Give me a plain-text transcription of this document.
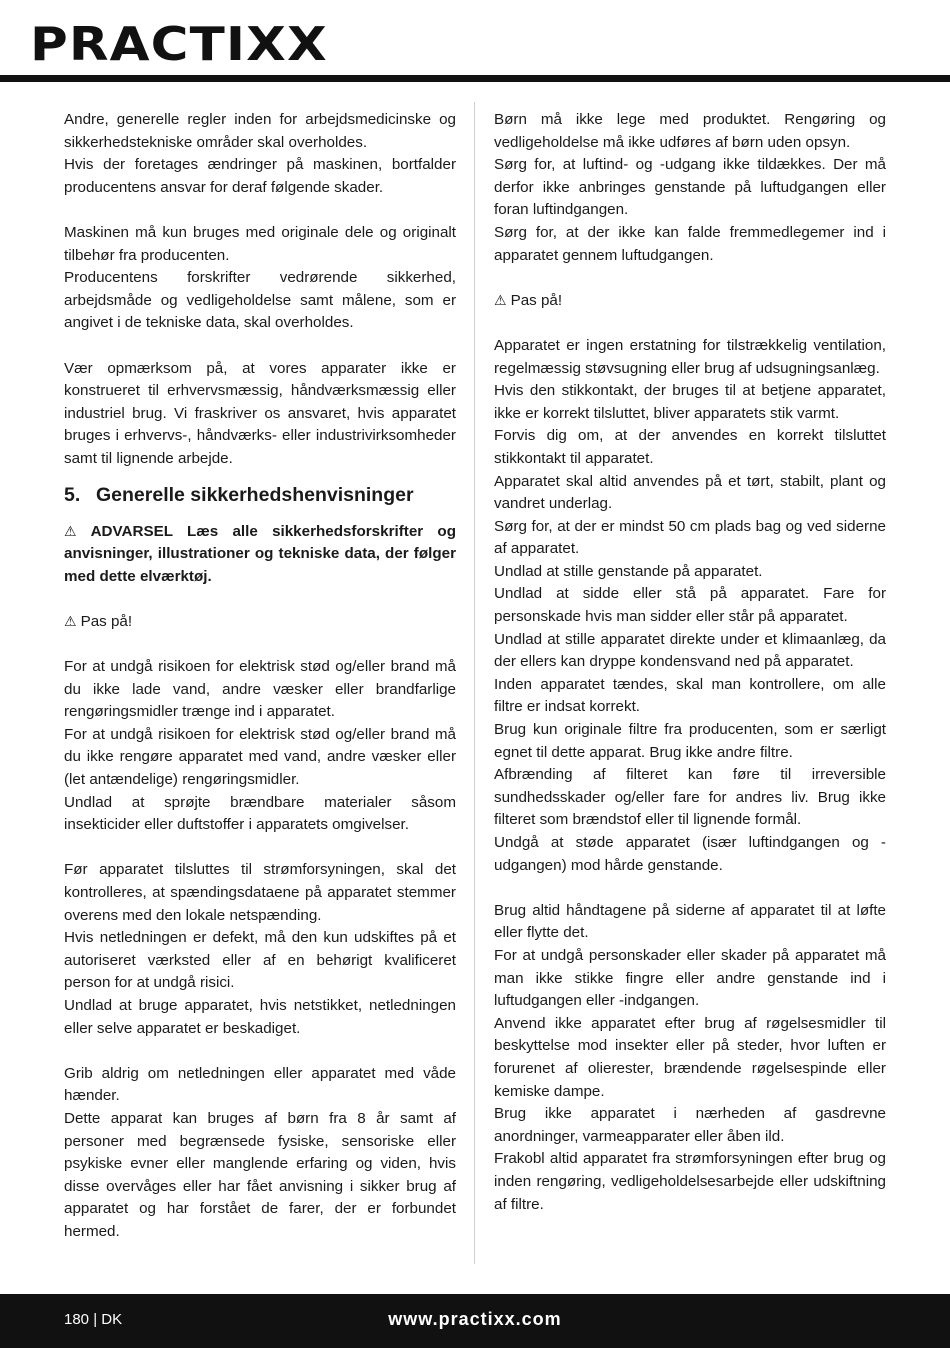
PRACTIXX

Andre, generelle regler inden for arbejdsmedicinske og sikkerhedstekniske områder skal overholdes.

Hvis der foretages ændringer på maskinen, bortfalder producentens ansvar for deraf følgende skader.

Maskinen må kun bruges med originale dele og originalt tilbehør fra producenten.

Producentens forskrifter vedrørende sikkerhed, arbejdsmåde og vedligeholdelse samt målene, som er angivet i de tekniske data, skal overholdes.

Vær opmærksom på, at vores apparater ikke er konstrueret til erhvervsmæssig, håndværksmæssig eller industriel brug. Vi fraskriver os ansvaret, hvis apparatet bruges i erhvervs-, håndværks- eller industrivirksomheder samt til lignende arbejde.

5. Generelle sikkerhedshenvisninger

⚠ ADVARSEL Læs alle sikkerhedsforskrifter og anvisninger, illustrationer og tekniske data, der følger med dette elværktøj.

⚠ Pas på!

For at undgå risikoen for elektrisk stød og/eller brand må du ikke lade vand, andre væsker eller brandfarlige rengøringsmidler trænge ind i apparatet.

For at undgå risikoen for elektrisk stød og/eller brand må du ikke rengøre apparatet med vand, andre væsker eller (let antændelige) rengøringsmidler.

Undlad at sprøjte brændbare materialer såsom insekticider eller duftstoffer i apparatets omgivelser.

Før apparatet tilsluttes til strømforsyningen, skal det kontrolleres, at spændingsdataene på apparatet stemmer overens med den lokale netspænding.

Hvis netledningen er defekt, må den kun udskiftes på et autoriseret værksted eller af en behørigt kvalificeret person for at undgå risici.

Undlad at bruge apparatet, hvis netstikket, netledningen eller selve apparatet er beskadiget.

Grib aldrig om netledningen eller apparatet med våde hænder.

Dette apparat kan bruges af børn fra 8 år samt af personer med begrænsede fysiske, sensoriske eller psykiske evner eller manglende erfaring og viden, hvis disse overvåges eller har fået anvisning i sikker brug af apparatet og har forstået de farer, der er forbundet hermed.

Børn må ikke lege med produktet. Rengøring og vedligeholdelse må ikke udføres af børn uden opsyn.

Sørg for, at luftind- og -udgang ikke tildækkes. Der må derfor ikke anbringes genstande på luftudgangen eller foran luftindgangen.

Sørg for, at der ikke kan falde fremmedlegemer ind i apparatet gennem luftudgangen.

⚠ Pas på!

Apparatet er ingen erstatning for tilstrækkelig ventilation, regelmæssig støvsugning eller brug af udsugningsanlæg.

Hvis den stikkontakt, der bruges til at betjene apparatet, ikke er korrekt tilsluttet, bliver apparatets stik varmt.

Forvis dig om, at der anvendes en korrekt tilsluttet stikkontakt til apparatet.

Apparatet skal altid anvendes på et tørt, stabilt, plant og vandret underlag.

Sørg for, at der er mindst 50 cm plads bag og ved siderne af apparatet.

Undlad at stille genstande på apparatet.

Undlad at sidde eller stå på apparatet. Fare for personskade hvis man sidder eller står på apparatet.

Undlad at stille apparatet direkte under et klimaanlæg, da der ellers kan dryppe kondensvand ned på apparatet.

Inden apparatet tændes, skal man kontrollere, om alle filtre er indsat korrekt.

Brug kun originale filtre fra producenten, som er særligt egnet til dette apparat. Brug ikke andre filtre.

Afbrænding af filteret kan føre til irreversible sundhedsskader og/eller fare for andres liv. Brug ikke filteret som brændstof eller til lignende formål.

Undgå at støde apparatet (især luftindgangen og -udgangen) mod hårde genstande.

Brug altid håndtagene på siderne af apparatet til at løfte eller flytte det.

For at undgå personskader eller skader på apparatet må man ikke stikke fingre eller andre genstande ind i luftudgangen eller -indgangen.

Anvend ikke apparatet efter brug af røgelsesmidler til beskyttelse mod insekter eller på steder, hvor luften er forurenet af olierester, brændende røgelsespinde eller kemiske dampe.

Brug ikke apparatet i nærheden af gasdrevne anordninger, varmeapparater eller åben ild.

Frakobl altid apparatet fra strømforsyningen efter brug og inden rengøring, vedligeholdelsesarbejde eller udskiftning af filtre.

180 | DK	www.practixx.com
